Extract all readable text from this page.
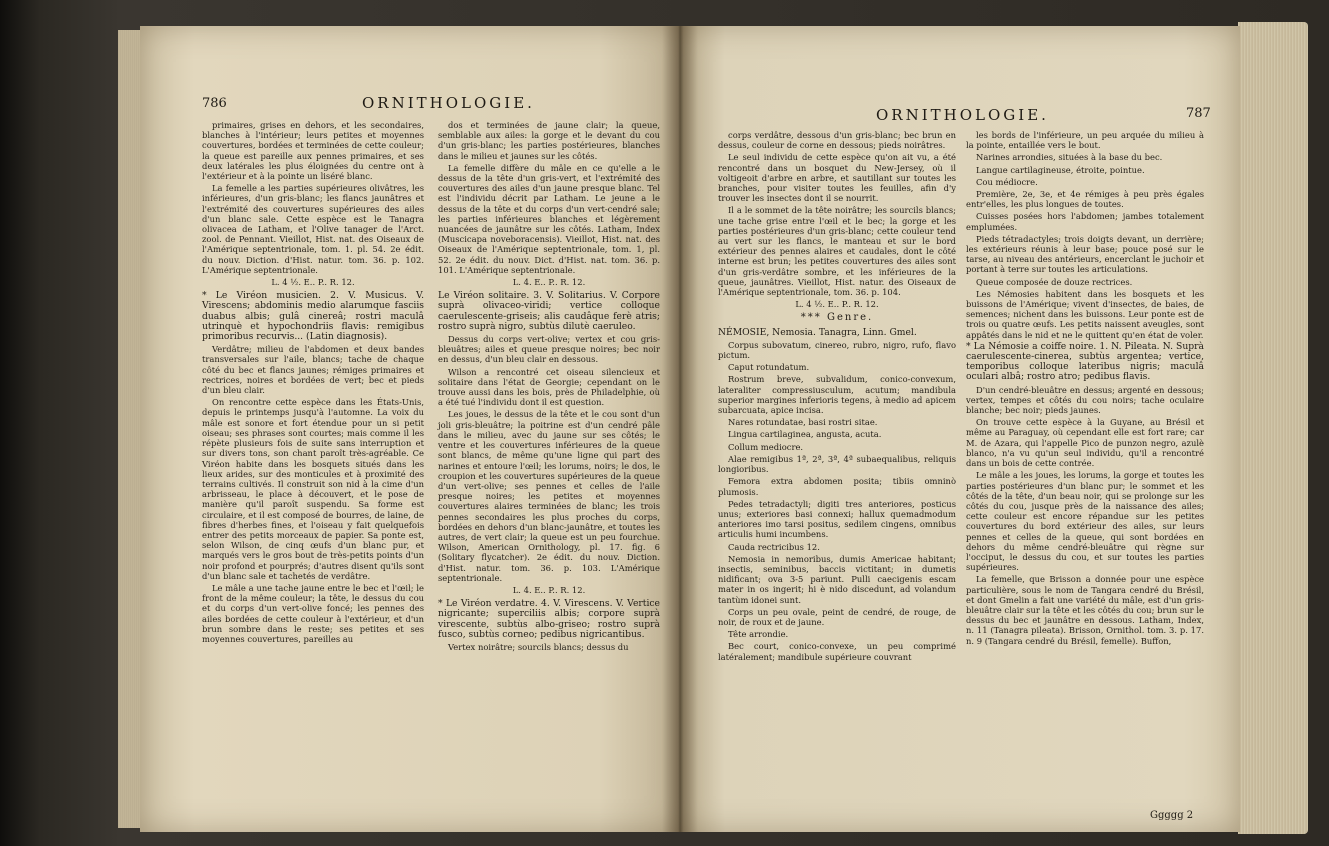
786	ORNITHOLOGIE.

primaires, grises en dehors, et les secondaires, blanches à l'intérieur; leurs petites et moyennes couvertures, bordées et terminées de cette couleur; la queue est pareille aux pennes primaires, et ses deux latérales les plus éloignées du centre ont à l'extérieur et à la pointe un liséré blanc.

La femelle a les parties supérieures olivâtres, les inférieures, d'un gris-blanc; les flancs jaunâtres et l'extrémité des couvertures supérieures des ailes d'un blanc sale. Cette espèce est le Tanagra olivacea de Latham, et l'Olive tanager de l'Arct. zool. de Pennant. Vieillot, Hist. nat. des Oiseaux de l'Amérique septentrionale, tom. 1. pl. 54. 2e édit. du nouv. Diction. d'Hist. natur. tom. 36. p. 102. L'Amérique septentrionale.

L. 4 ½. E.. P.. R. 12.

* Le Viréon musicien. 2. V. Musicus. V. Virescens; abdominis medio alarumque fasciis duabus albis; gulâ cinereâ; rostri maculâ utrinquè et hypochondriis flavis: remigibus primoribus recurvis... (Latin diagnosis).

Verdâtre; milieu de l'abdomen et deux bandes transversales sur l'aile, blancs; tache de chaque côté du bec et flancs jaunes; rémiges primaires et rectrices, noires et bordées de vert; bec et pieds d'un bleu clair.

On rencontre cette espèce dans les États-Unis, depuis le printemps jusqu'à l'automne. La voix du mâle est sonore et fort étendue pour un si petit oiseau; ses phrases sont courtes; mais comme il les répète plusieurs fois de suite sans interruption et sur divers tons, son chant paroît très-agréable. Ce Viréon habite dans les bosquets situés dans les lieux arides, sur des monticules et à proximité des terrains cultivés. Il construit son nid à la cime d'un arbrisseau, le place à découvert, et le pose de manière qu'il paroît suspendu. Sa forme est circulaire, et il est composé de bourres, de laine, de fibres d'herbes fines, et l'oiseau y fait quelquefois entrer des petits morceaux de papier. Sa ponte est, selon Wilson, de cinq œufs d'un blanc pur, et marqués vers le gros bout de très-petits points d'un noir profond et pourprés; d'autres disent qu'ils sont d'un blanc sale et tachetés de verdâtre.

Le mâle a une tache jaune entre le bec et l'œil; le front de la même couleur; la tête, le dessus du cou et du corps d'un vert-olive foncé; les pennes des ailes bordées de cette couleur à l'extérieur, et d'un brun sombre dans le reste; ses petites et ses moyennes couvertures, pareilles au

dos et terminées de jaune clair; la queue, semblable aux ailes: la gorge et le devant du cou d'un gris-blanc; les parties postérieures, blanches dans le milieu et jaunes sur les côtés.

La femelle diffère du mâle en ce qu'elle a le dessus de la tête d'un gris-vert, et l'extrémité des couvertures des ailes d'un jaune presque blanc. Tel est l'individu décrit par Latham. Le jeune a le dessus de la tête et du corps d'un vert-cendré sale; les parties inférieures blanches et légèrement nuancées de jaunâtre sur les côtés. Latham, Index (Muscicapa noveboracensis). Vieillot, Hist. nat. des Oiseaux de l'Amérique septentrionale, tom. 1, pl. 52. 2e édit. du nouv. Dict. d'Hist. nat. tom. 36. p. 101. L'Amérique septentrionale.

L. 4. E.. P.. R. 12.

Le Viréon solitaire. 3. V. Solitarius. V. Corpore suprà olivaceo-viridi; vertice colloque caerulescente-griseis; alis caudâque ferè atris; rostro suprà nigro, subtùs dilutè caeruleo.

Dessus du corps vert-olive; vertex et cou gris-bleuâtres; ailes et queue presque noires; bec noir en dessus, d'un bleu clair en dessous.

Wilson a rencontré cet oiseau silencieux et solitaire dans l'état de Georgie; cependant on le trouve aussi dans les bois, près de Philadelphie, où a été tué l'individu dont il est question.

Les joues, le dessus de la tête et le cou sont d'un joli gris-bleuâtre; la poitrine est d'un cendré pâle dans le milieu, avec du jaune sur ses côtés; le ventre et les couvertures inférieures de la queue sont blancs, de même qu'une ligne qui part des narines et entoure l'œil; les lorums, noirs; le dos, le croupion et les couvertures supérieures de la queue d'un vert-olive; ses pennes et celles de l'aile presque noires; les petites et moyennes couvertures alaires terminées de blanc; les trois pennes secondaires les plus proches du corps, bordées en dehors d'un blanc-jaunâtre, et toutes les autres, de vert clair; la queue est un peu fourchue. Wilson, American Ornithology, pl. 17. fig. 6 (Solitary flycatcher). 2e édit. du nouv. Diction. d'Hist. natur. tom. 36. p. 103. L'Amérique septentrionale.

L. 4. E.. P.. R. 12.

* Le Viréon verdatre. 4. V. Virescens. V. Vertice nigricante; superciliis albis; corpore suprà virescente, subtùs albo-griseo; rostro suprà fusco, subtùs corneo; pedibus nigricantibus.

Vertex noirâtre; sourcils blancs; dessus du

ORNITHOLOGIE.	787

corps verdâtre, dessous d'un gris-blanc; bec brun en dessus, couleur de corne en dessous; pieds noirâtres.

Le seul individu de cette espèce qu'on ait vu, a été rencontré dans un bosquet du New-Jersey, où il voltigeoit d'arbre en arbre, et sautillant sur toutes les branches, pour visiter toutes les feuilles, afin d'y trouver les insectes dont il se nourrit.

Il a le sommet de la tête noirâtre; les sourcils blancs; une tache grise entre l'œil et le bec; la gorge et les parties postérieures d'un gris-blanc; cette couleur tend au vert sur les flancs, le manteau et sur le bord extérieur des pennes alaires et caudales, dont le côté interne est brun; les petites couvertures des ailes sont d'un gris-verdâtre sombre, et les inférieures de la queue, jaunâtres. Vieillot, Hist. natur. des Oiseaux de l'Amérique septentrionale, tom. 36. p. 104.

L. 4 ½. E.. P.. R. 12.

*** Genre.

NÉMOSIE, Nemosia. Tanagra, Linn. Gmel.

Corpus subovatum, cinereo, rubro, nigro, rufo, flavo pictum.

Caput rotundatum.

Rostrum breve, subvalidum, conico-convexum, lateraliter compressiusculum, acutum; mandibula superior margines inferioris tegens, à medio ad apicem subarcuata, apice incisa.

Nares rotundatae, basi rostri sitae.

Lingua cartilaginea, angusta, acuta.

Collum mediocre.

Alae remigibus 1ª, 2ª, 3ª, 4ª subaequalibus, reliquis longioribus.

Femora extra abdomen posita; tibiis omninò plumosis.

Pedes tetradactyli; digiti tres anteriores, posticus unus; exteriores basi connexi; hallux quemadmodum anteriores imo tarsi positus, sedilem cingens, omnibus articulis humi incumbens.

Cauda rectricibus 12.

Nemosia in nemoribus, dumis Americae habitant; insectis, seminibus, baccis victitant; in dumetis nidificant; ova 3-5 pariunt. Pulli caecigenis escam mater in os ingerit; hi è nido discedunt, ad volandum tantùm idonei sunt.

Corps un peu ovale, peint de cendré, de rouge, de noir, de roux et de jaune.

Tête arrondie.

Bec court, conico-convexe, un peu comprimé latéralement; mandibule supérieure couvrant

les bords de l'inférieure, un peu arquée du milieu à la pointe, entaillée vers le bout.

Narines arrondies, situées à la base du bec.

Langue cartilagineuse, étroite, pointue.

Cou médiocre.

Première, 2e, 3e, et 4e rémiges à peu près égales entr'elles, les plus longues de toutes.

Cuisses posées hors l'abdomen; jambes totalement emplumées.

Pieds tétradactyles; trois doigts devant, un derrière; les extérieurs réunis à leur base; pouce posé sur le tarse, au niveau des antérieurs, encerclant le juchoir et portant à terre sur toutes les articulations.

Queue composée de douze rectrices.

Les Némosies habitent dans les bosquets et les buissons de l'Amérique; vivent d'insectes, de baies, de semences; nichent dans les buissons. Leur ponte est de trois ou quatre œufs. Les petits naissent aveugles, sont appâtés dans le nid et ne le quittent qu'en état de voler.

* La Némosie a coiffe noire. 1. N. Pileata. N. Suprà caerulescente-cinerea, subtùs argentea; vertice, temporibus colloque lateribus nigris; maculâ oculari albâ; rostro atro; pedibus flavis.

D'un cendré-bleuâtre en dessus; argenté en dessous; vertex, tempes et côtés du cou noirs; tache oculaire blanche; bec noir; pieds jaunes.

On trouve cette espèce à la Guyane, au Brésil et même au Paraguay, où cependant elle est fort rare; car M. de Azara, qui l'appelle Pico de punzon negro, azulè blanco, n'a vu qu'un seul individu, qu'il a rencontré dans un bois de cette contrée.

Le mâle a les joues, les lorums, la gorge et toutes les parties postérieures d'un blanc pur; le sommet et les côtés de la tête, d'un beau noir, qui se prolonge sur les côtés du cou, jusque près de la naissance des ailes; cette couleur est encore répandue sur les petites couvertures du bord extérieur des ailes, sur leurs pennes et celles de la queue, qui sont bordées en dehors du même cendré-bleuâtre qui règne sur l'occiput, le dessus du cou, et sur toutes les parties supérieures.

La femelle, que Brisson a donnée pour une espèce particulière, sous le nom de Tangara cendré du Brésil, et dont Gmelin a fait une variété du mâle, est d'un gris-bleuâtre clair sur la tête et les côtés du cou; brun sur le dessus du bec et jaunâtre en dessous. Latham, Index, n. 11 (Tanagra pileata). Brisson, Ornithol. tom. 3. p. 17. n. 9 (Tangara cendré du Brésil, femelle). Buffon,

Ggggg 2
